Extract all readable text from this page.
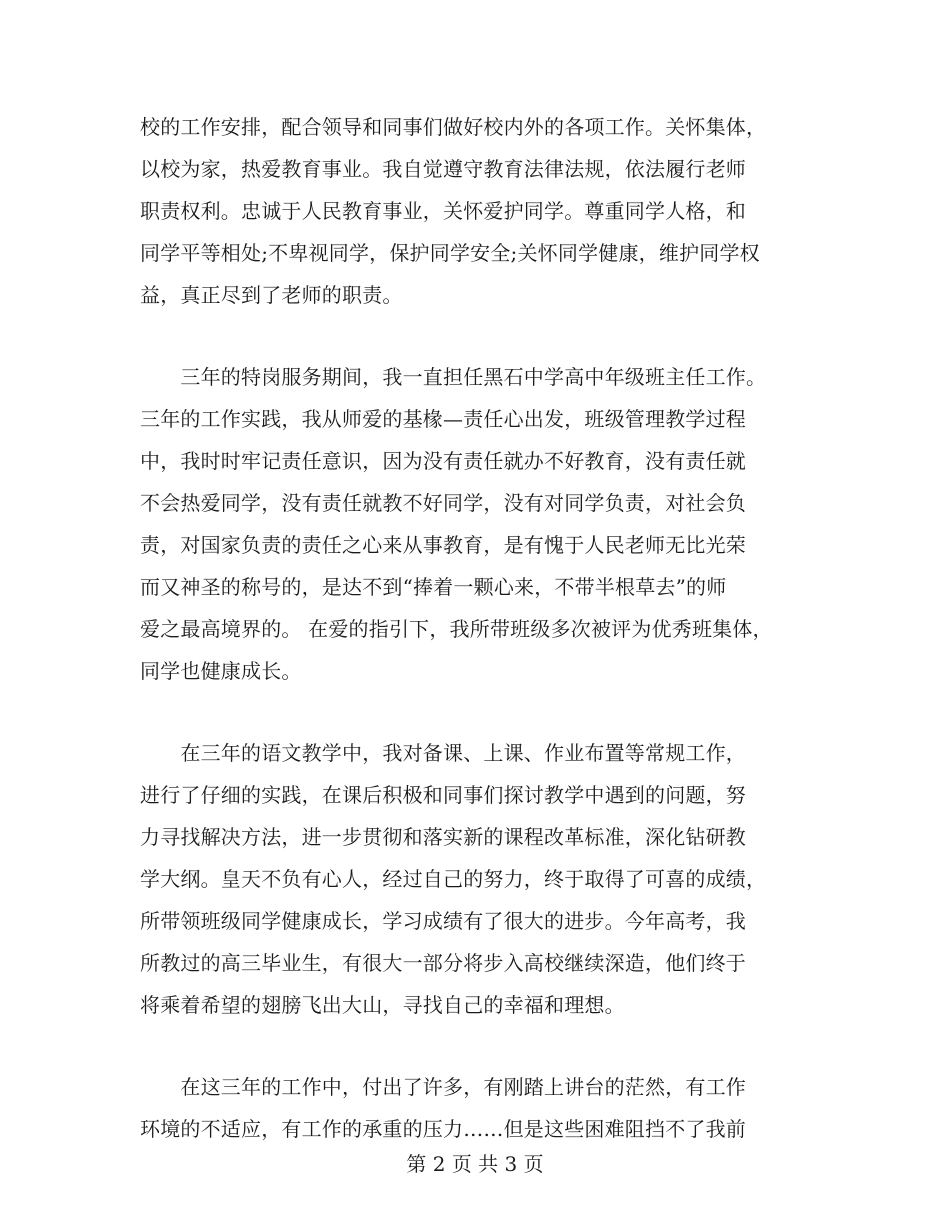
校的工作安排，配合领导和同事们做好校内外的各项工作。关怀集体，
以校为家，热爱教育事业。我自觉遵守教育法律法规，依法履行老师
职责权利。忠诚于人民教育事业，关怀爱护同学。尊重同学人格，和
同学平等相处;不卑视同学，保护同学安全;关怀同学健康，维护同学权
益，真正尽到了老师的职责。
　　三年的特岗服务期间，我一直担任黑石中学高中年级班主任工作。
三年的工作实践，我从师爱的基椽—责任心出发，班级管理教学过程
中，我时时牢记责任意识，因为没有责任就办不好教育，没有责任就
不会热爱同学，没有责任就教不好同学，没有对同学负责，对社会负
责，对国家负责的责任之心来从事教育，是有愧于人民老师无比光荣
而又神圣的称号的，是达不到“捧着一颗心来，不带半根草去”的师
爱之最高境界的。 在爱的指引下，我所带班级多次被评为优秀班集体，
同学也健康成长。
　　在三年的语文教学中，我对备课、上课、作业布置等常规工作，
进行了仔细的实践，在课后积极和同事们探讨教学中遇到的问题，努
力寻找解决方法，进一步贯彻和落实新的课程改革标准，深化钻研教
学大纲。皇天不负有心人，经过自己的努力，终于取得了可喜的成绩，
所带领班级同学健康成长，学习成绩有了很大的进步。今年高考，我
所教过的高三毕业生，有很大一部分将步入高校继续深造，他们终于
将乘着希望的翅膀飞出大山，寻找自己的幸福和理想。
　　在这三年的工作中，付出了许多，有刚踏上讲台的茫然，有工作
环境的不适应，有工作的承重的压力……但是这些困难阻挡不了我前
第 2 页 共 3 页
